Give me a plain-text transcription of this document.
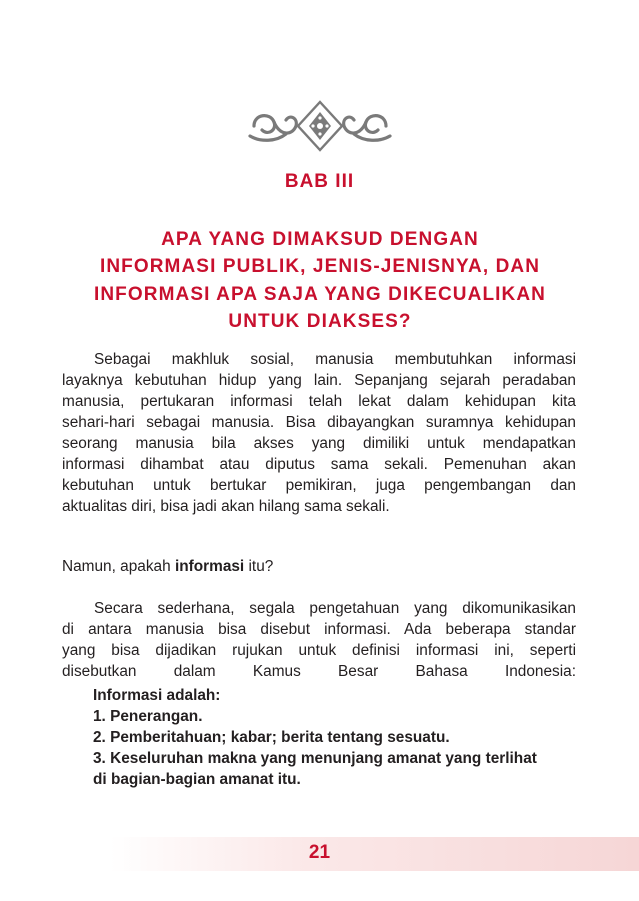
BAB III
APA YANG DIMAKSUD DENGAN
INFORMASI PUBLIK, JENIS-JENISNYA, DAN
INFORMASI APA SAJA YANG DIKECUALIKAN
UNTUK DIAKSES?
Sebagai makhluk sosial, manusia membutuhkan informasi
layaknya kebutuhan hidup yang lain. Sepanjang sejarah peradaban
manusia, pertukaran informasi telah lekat dalam kehidupan kita
sehari-hari sebagai manusia. Bisa dibayangkan suramnya kehidupan
seorang manusia bila akses yang dimiliki untuk mendapatkan
informasi dihambat atau diputus sama sekali. Pemenuhan akan
kebutuhan untuk bertukar pemikiran, juga pengembangan dan
aktualitas diri, bisa jadi akan hilang sama sekali.
Namun, apakah informasi itu?
Secara sederhana, segala pengetahuan yang dikomunikasikan
di antara manusia bisa disebut informasi. Ada beberapa standar
yang bisa dijadikan rujukan untuk definisi informasi ini, seperti
disebutkan dalam Kamus Besar Bahasa Indonesia:
Informasi adalah:
1. Penerangan.
2. Pemberitahuan; kabar; berita tentang sesuatu.
3. Keseluruhan makna yang menunjang amanat yang terlihat
di bagian-bagian amanat itu.
21
